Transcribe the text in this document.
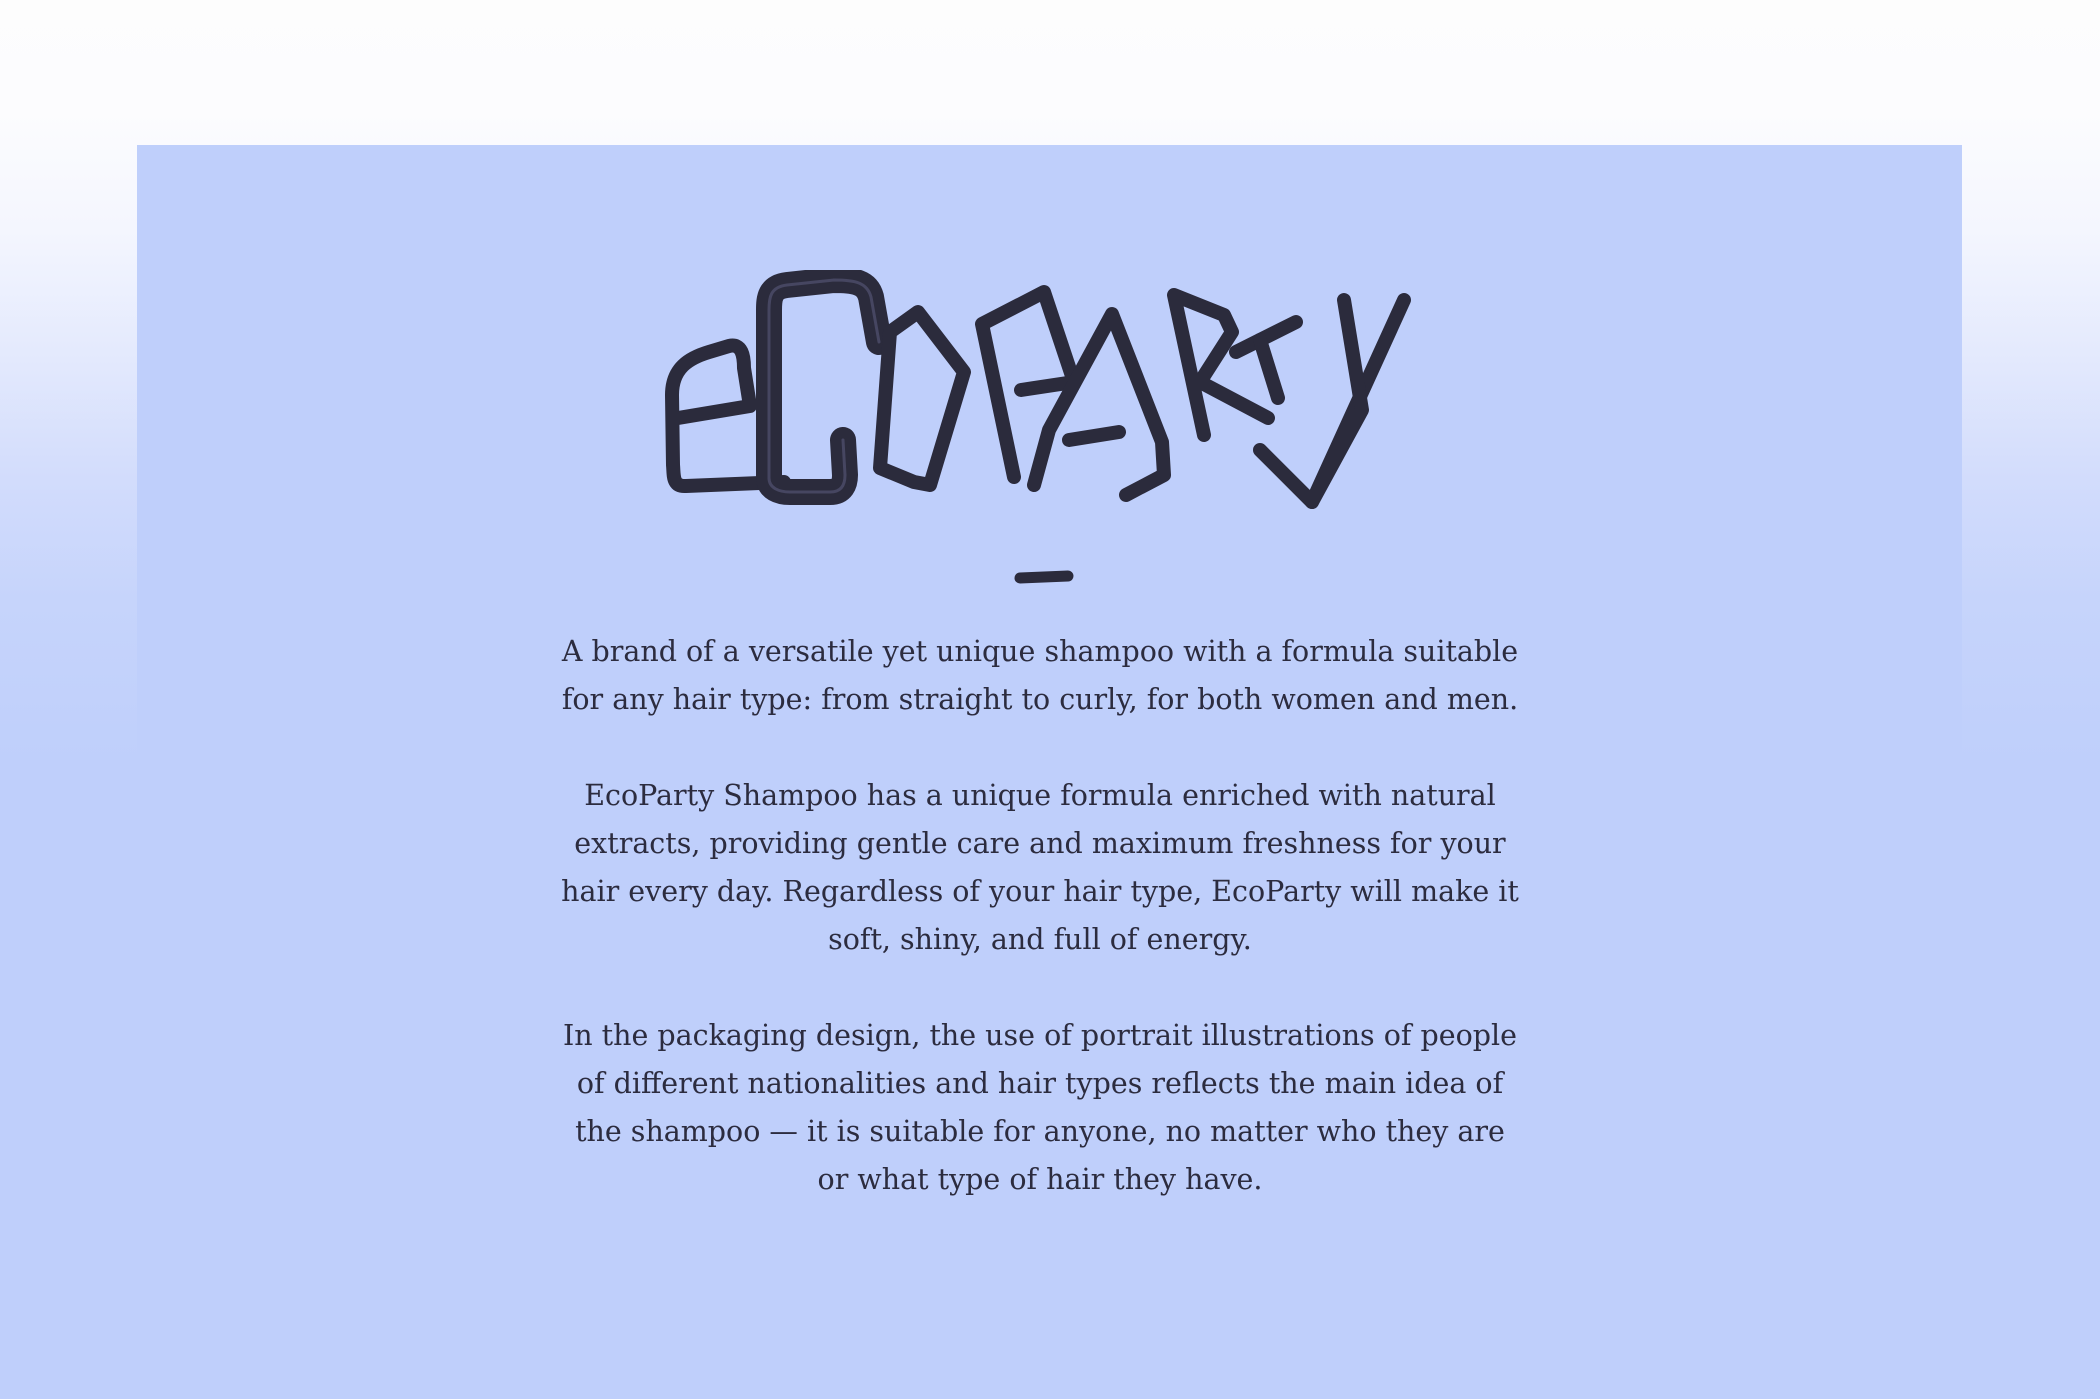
A brand of a versatile yet unique shampoo with a formula suitable for any hair type: from straight to curly, for both women and men.

EcoParty Shampoo has a unique formula enriched with natural extracts, providing gentle care and maximum freshness for your hair every day. Regardless of your hair type, EcoParty will make it soft, shiny, and full of energy.

In the packaging design, the use of portrait illustrations of people of different nationalities and hair types reflects the main idea of the shampoo — it is suitable for anyone, no matter who they are or what type of hair they have.
